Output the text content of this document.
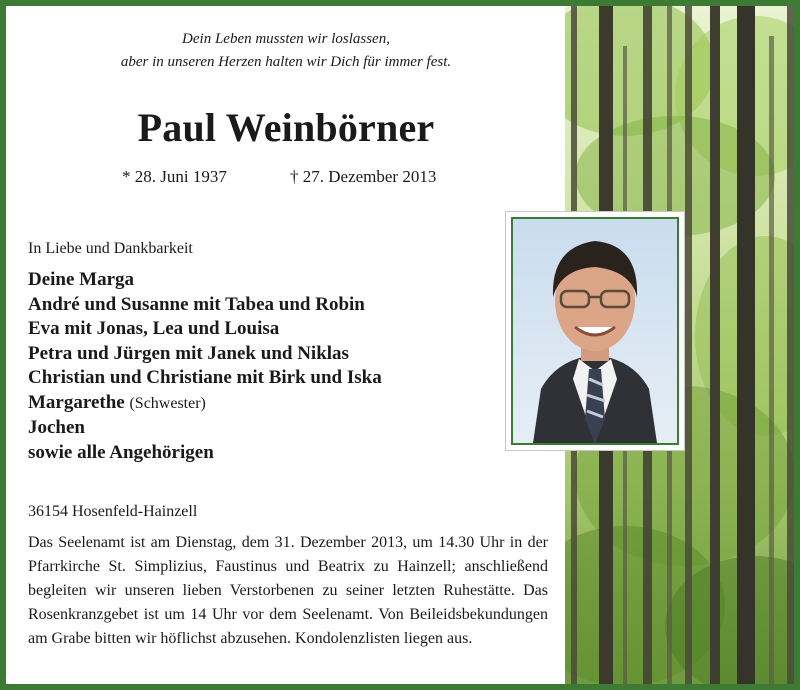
Dein Leben mussten wir loslassen,
aber in unseren Herzen halten wir Dich für immer fest.
Paul Weinbörner
* 28. Juni 1937	† 27. Dezember 2013
In Liebe und Dankbarkeit
Deine Marga
André und Susanne mit Tabea und Robin
Eva mit Jonas, Lea und Louisa
Petra und Jürgen mit Janek und Niklas
Christian und Christiane mit Birk und Iska
Margarethe (Schwester)
Jochen
sowie alle Angehörigen
36154 Hosenfeld-Hainzell
Das Seelenamt ist am Dienstag, dem 31. Dezember 2013, um 14.30 Uhr in der Pfarrkirche St. Simplizius, Faustinus und Beatrix zu Hainzell; anschließend begleiten wir unseren lieben Verstorbenen zu seiner letzten Ruhestätte. Das Rosenkranzgebet ist um 14 Uhr vor dem Seelenamt. Von Beileidsbekundungen am Grabe bitten wir höflichst abzusehen. Kondolenzlisten liegen aus.
